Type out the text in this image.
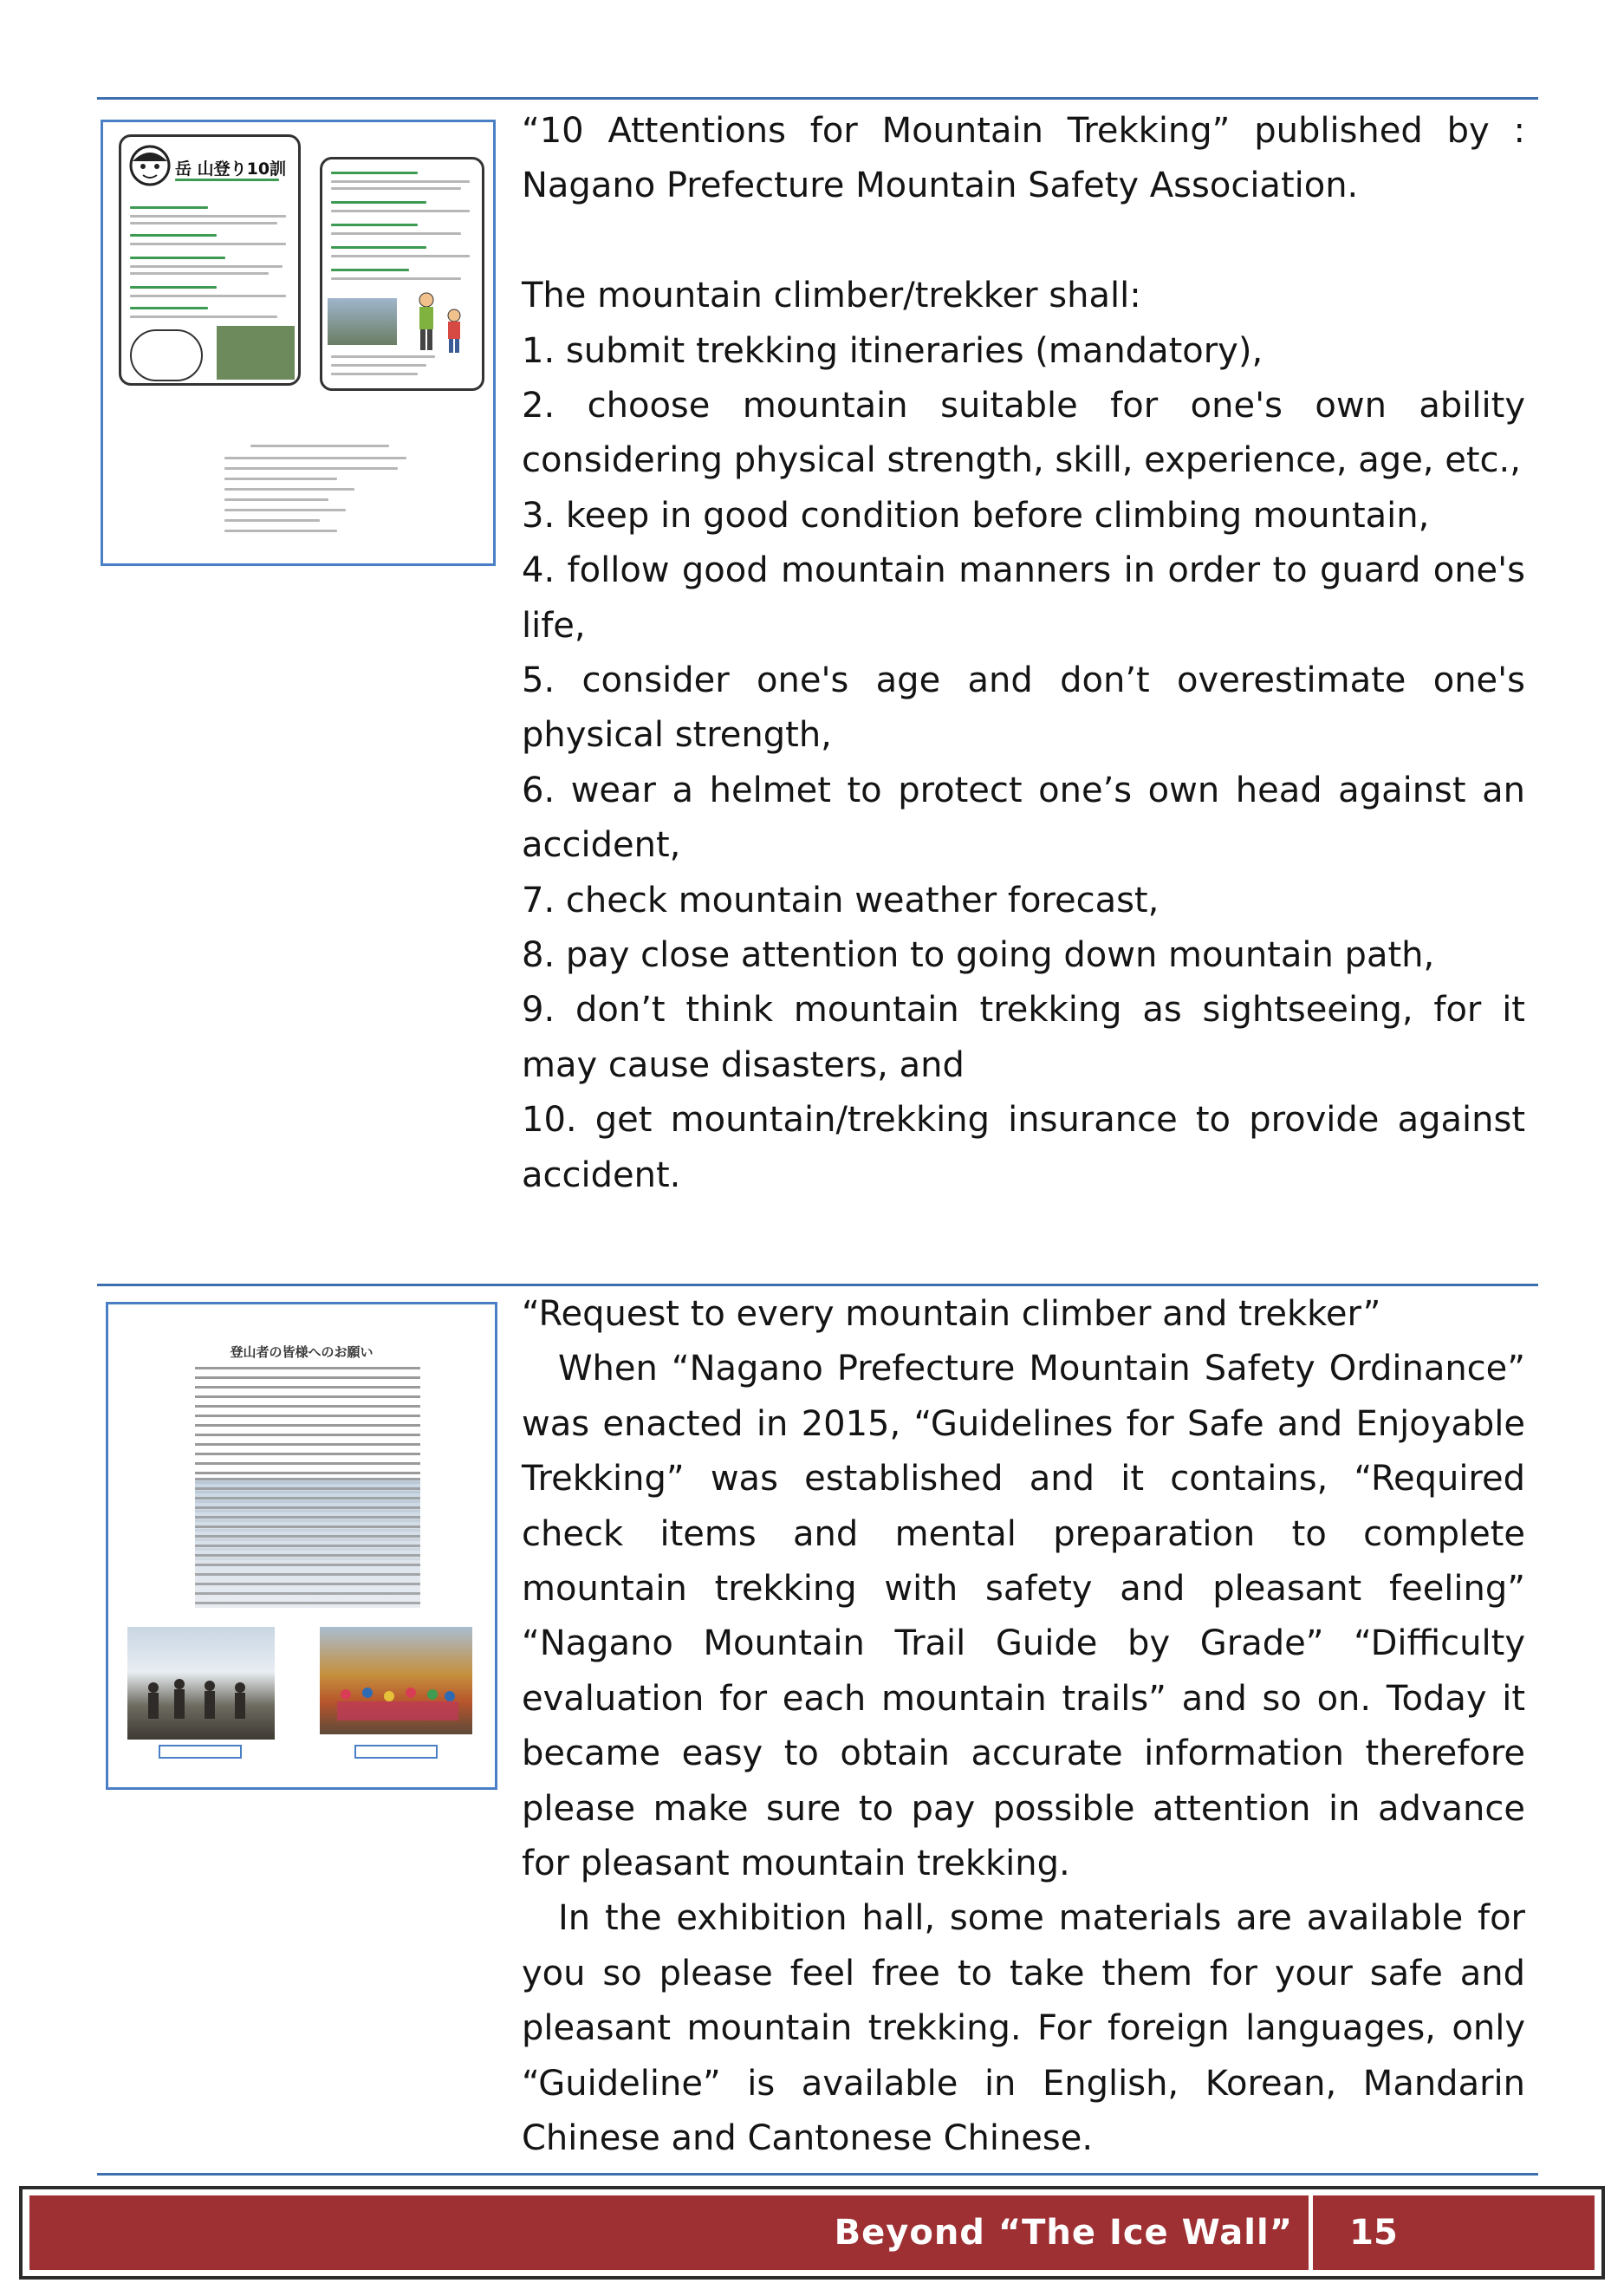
岳 山登り10訓

“10 Attentions for Mountain Trekking” published by : Nagano Prefecture Mountain Safety Association.

The mountain climber/trekker shall:

1. submit trekking itineraries (mandatory),

2. choose mountain suitable for one's own ability considering physical strength, skill, experience, age, etc.,

3. keep in good condition before climbing mountain,

4. follow good mountain manners in order to guard one's life,

5. consider one's age and don’t overestimate one's physical strength,

6. wear a helmet to protect one’s own head against an accident,

7. check mountain weather forecast,

8. pay close attention to going down mountain path,

9. don’t think mountain trekking as sightseeing, for it may cause disasters, and

10. get mountain/trekking insurance to provide against accident.

登山者の皆様へのお願い

“Request to every mountain climber and trekker”

When “Nagano Prefecture Mountain Safety Ordinance” was enacted in 2015, “Guidelines for Safe and Enjoyable Trekking” was established and it contains, “Required check items and mental preparation to complete mountain trekking with safety and pleasant feeling” “Nagano Mountain Trail Guide by Grade” “Difficulty evaluation for each mountain trails” and so on. Today it became easy to obtain accurate information therefore please make sure to pay possible attention in advance for pleasant mountain trekking.

In the exhibition hall, some materials are available for you so please feel free to take them for your safe and pleasant mountain trekking. For foreign languages, only “Guideline” is available in English, Korean, Mandarin Chinese and Cantonese Chinese.

Beyond “The Ice Wall”	15
